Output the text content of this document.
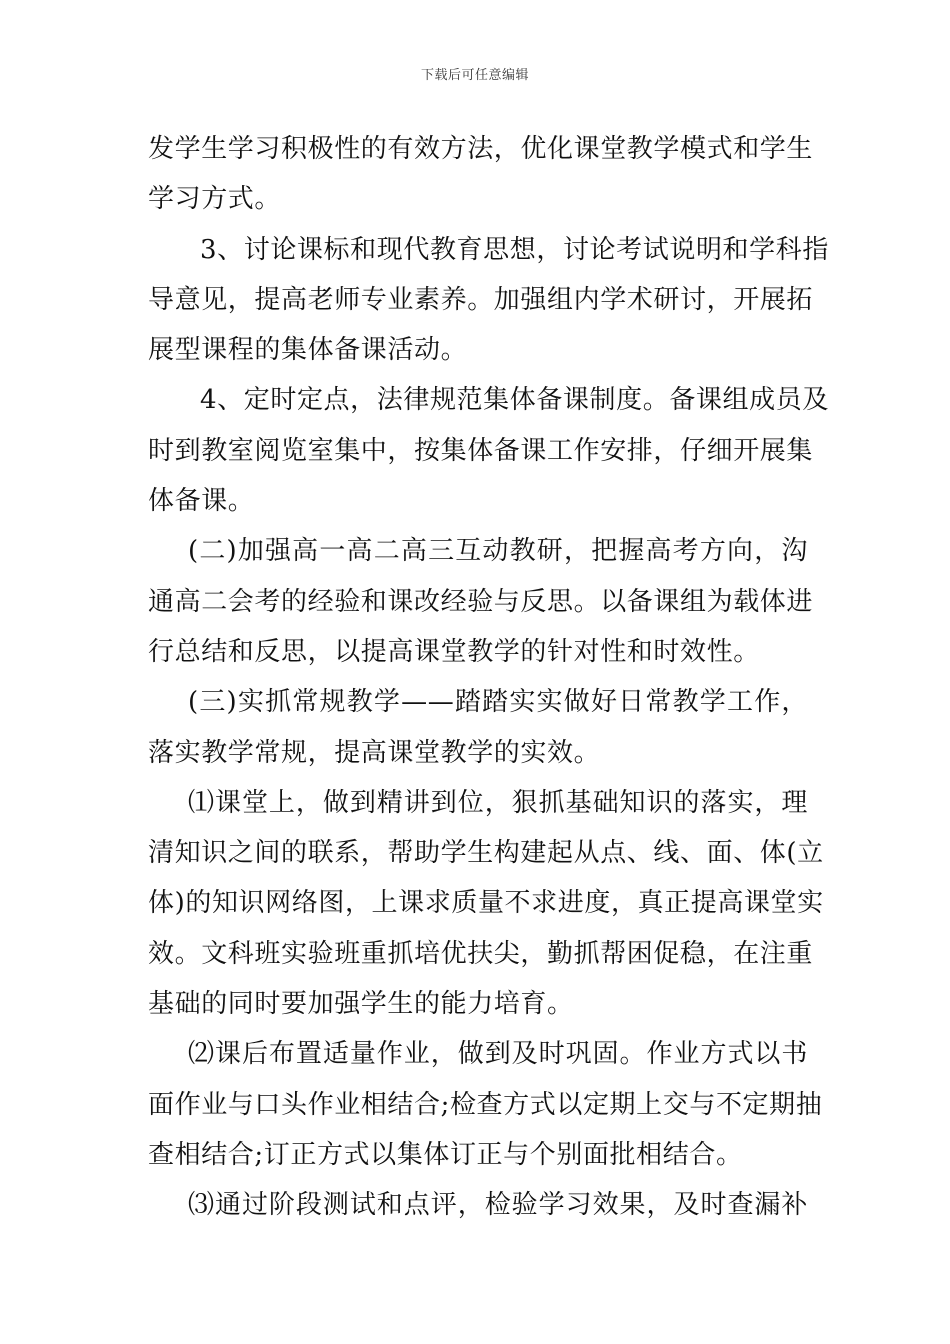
下载后可任意编辑
发学生学习积极性的有效方法，优化课堂教学模式和学生
学习方式。
3、讨论课标和现代教育思想，讨论考试说明和学科指
导意见，提高老师专业素养。加强组内学术研讨，开展拓
展型课程的集体备课活动。
4、定时定点，法律规范集体备课制度。备课组成员及
时到教室阅览室集中，按集体备课工作安排，仔细开展集
体备课。
(二)加强高一高二高三互动教研，把握高考方向，沟
通高二会考的经验和课改经验与反思。以备课组为载体进
行总结和反思，以提高课堂教学的针对性和时效性。
(三)实抓常规教学——踏踏实实做好日常教学工作，
落实教学常规，提高课堂教学的实效。
⑴课堂上，做到精讲到位，狠抓基础知识的落实，理
清知识之间的联系，帮助学生构建起从点、线、面、体(立
体)的知识网络图，上课求质量不求进度，真正提高课堂实
效。文科班实验班重抓培优扶尖，勤抓帮困促稳，在注重
基础的同时要加强学生的能力培育。
⑵课后布置适量作业，做到及时巩固。作业方式以书
面作业与口头作业相结合;检查方式以定期上交与不定期抽
查相结合;订正方式以集体订正与个别面批相结合。
⑶通过阶段测试和点评，检验学习效果，及时查漏补
